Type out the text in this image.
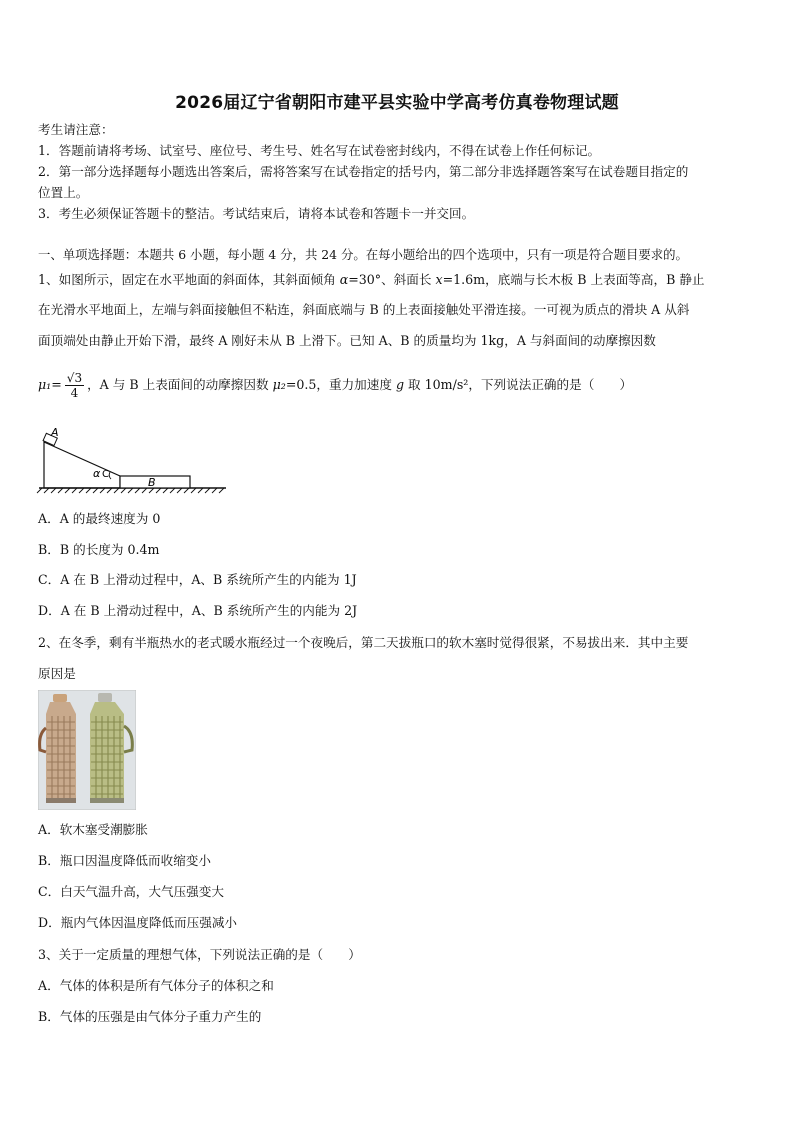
2026届辽宁省朝阳市建平县实验中学高考仿真卷物理试题
考生请注意：
1．答题前请将考场、试室号、座位号、考生号、姓名写在试卷密封线内，不得在试卷上作任何标记。
2．第一部分选择题每小题选出答案后，需将答案写在试卷指定的括号内，第二部分非选择题答案写在试卷题目指定的
位置上。
3．考生必须保证答题卡的整洁。考试结束后，请将本试卷和答题卡一并交回。
一、单项选择题：本题共 6 小题，每小题 4 分，共 24 分。在每小题给出的四个选项中，只有一项是符合题目要求的。
1、如图所示，固定在水平地面的斜面体，其斜面倾角 α=30°、斜面长 x=1.6m，底端与长木板 B 上表面等高，B 静止
在光滑水平地面上，左端与斜面接触但不粘连，斜面底端与 B 的上表面接触处平滑连接。一可视为质点的滑块 A 从斜
面顶端处由静止开始下滑，最终 A 刚好未从 B 上滑下。已知 A、B 的质量均为 1kg，A 与斜面间的动摩擦因数
$\mu_1= \frac{√3}{4}$ ，A 与 B 上表面间的动摩擦因数 μ₂=0.5，重力加速度 g 取 10m/s²，下列说法正确的是（　　）
A
B
α C
A．A 的最终速度为 0
B．B 的长度为 0.4m
C．A 在 B 上滑动过程中，A、B 系统所产生的内能为 1J
D．A 在 B 上滑动过程中，A、B 系统所产生的内能为 2J
2、在冬季，剩有半瓶热水的老式暖水瓶经过一个夜晚后，第二天拔瓶口的软木塞时觉得很紧，不易拔出来．其中主要
原因是
A．软木塞受潮膨胀
B．瓶口因温度降低而收缩变小
C．白天气温升高，大气压强变大
D．瓶内气体因温度降低而压强减小
3、关于一定质量的理想气体，下列说法正确的是（　　）
A．气体的体积是所有气体分子的体积之和
B．气体的压强是由气体分子重力产生的
